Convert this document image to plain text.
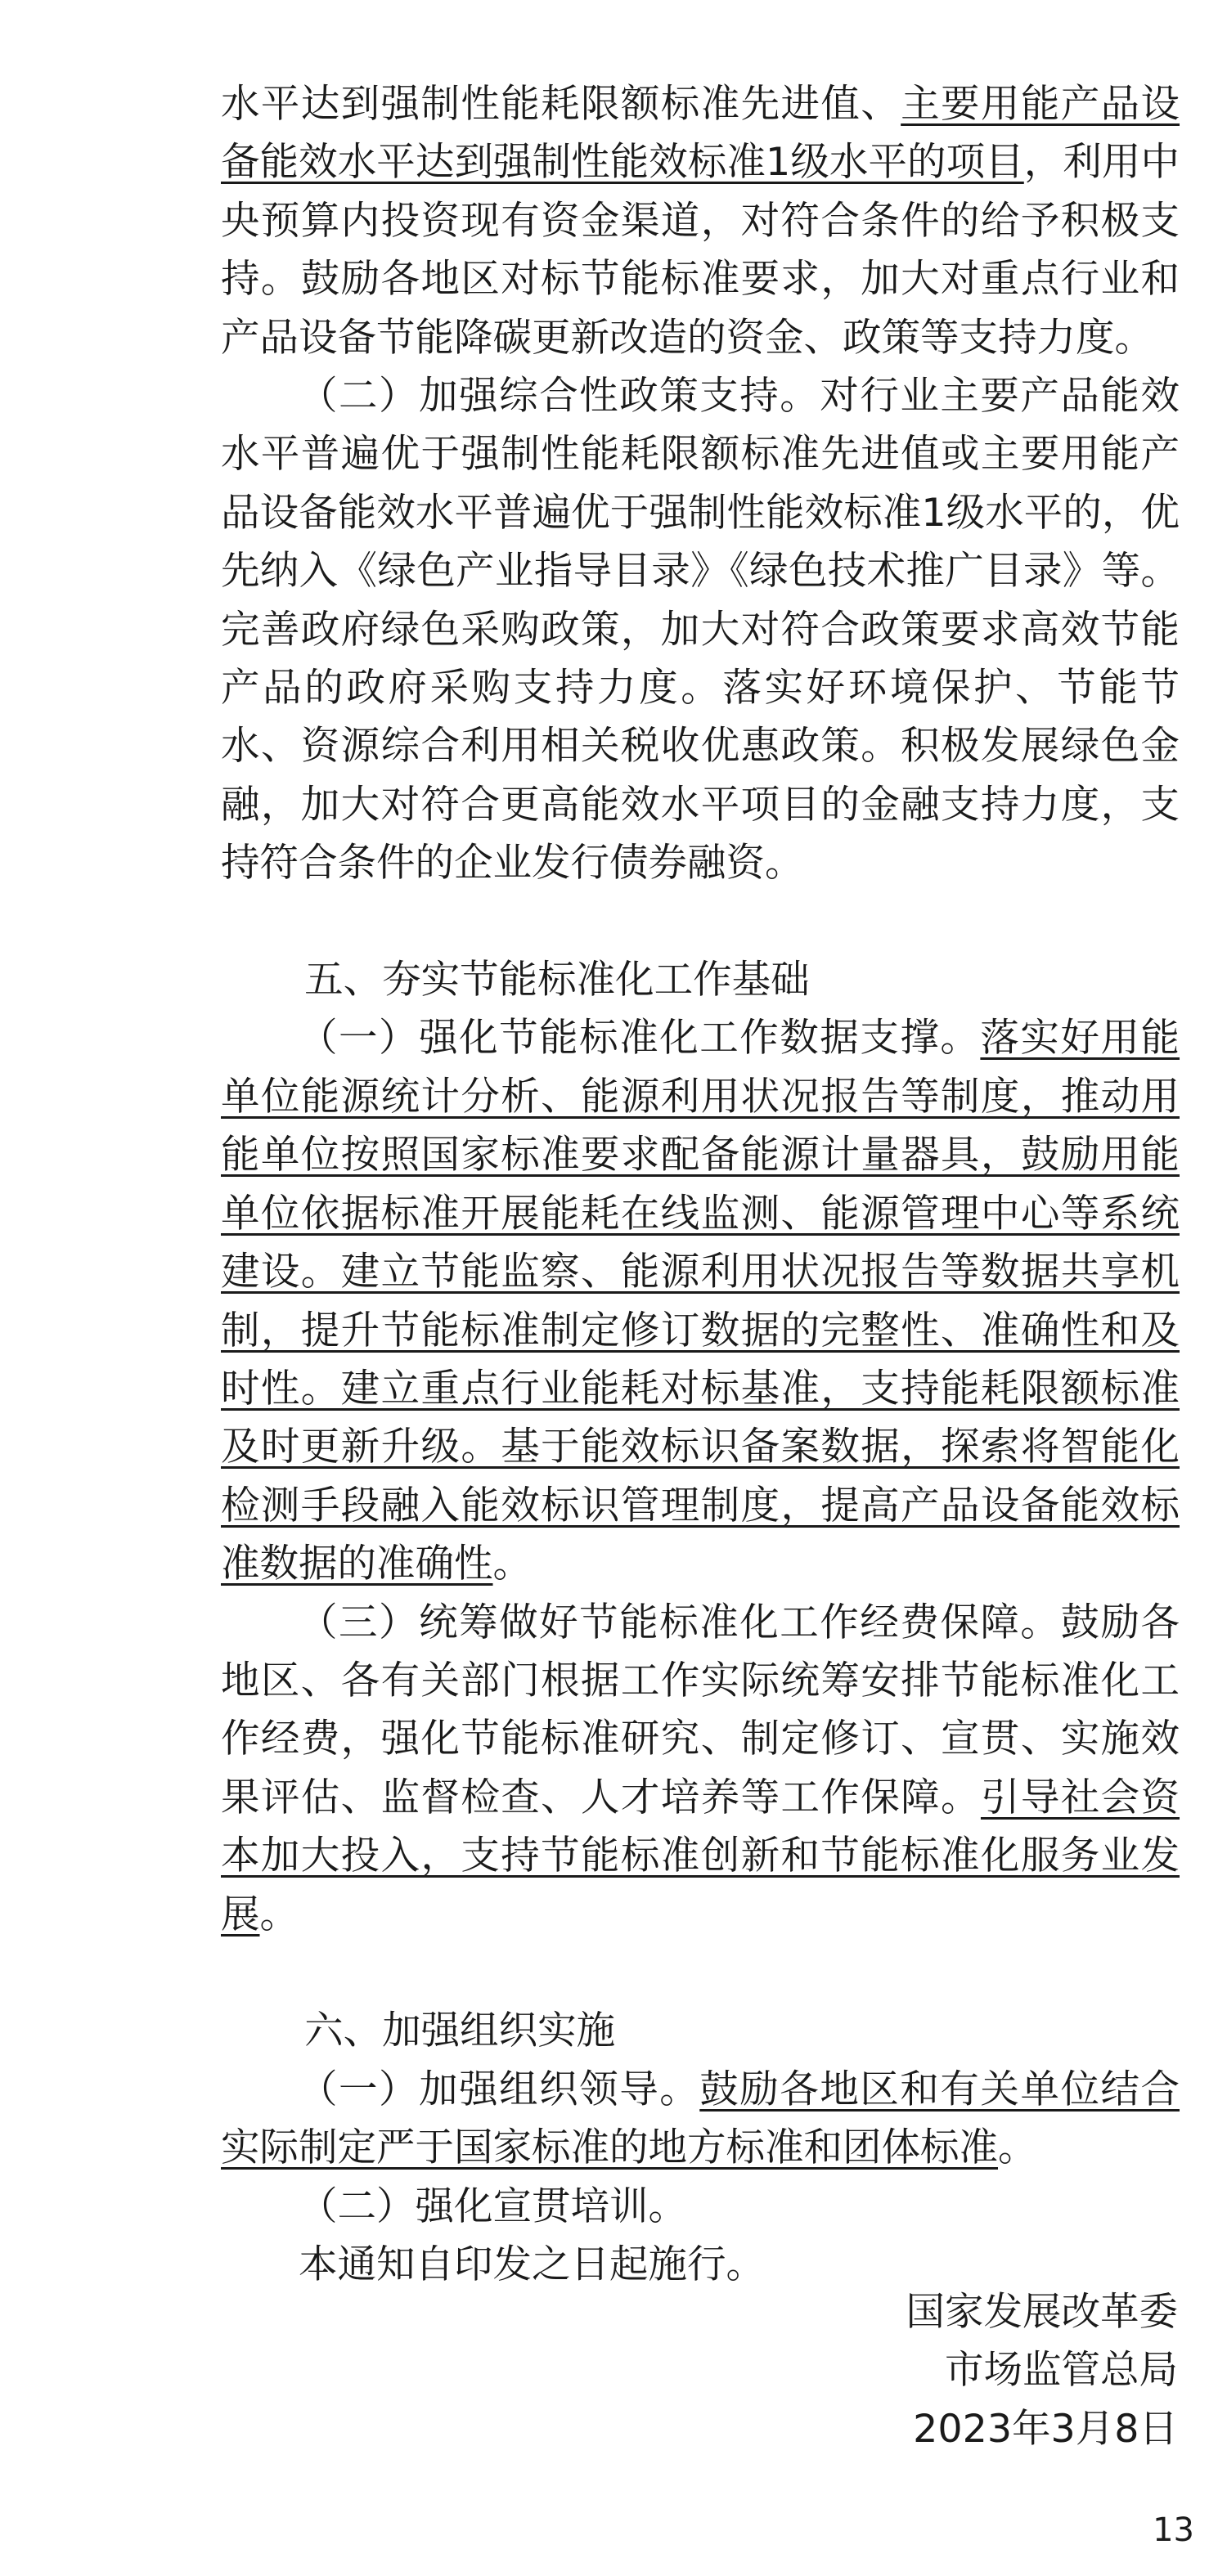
水平达到强制性能耗限额标准先进值、主要用能产品设备能效水平达到强制性能效标准1级水平的项目，利用中央预算内投资现有资金渠道，对符合条件的给予积极支持。鼓励各地区对标节能标准要求，加大对重点行业和产品设备节能降碳更新改造的资金、政策等支持力度。

（二）加强综合性政策支持。对行业主要产品能效水平普遍优于强制性能耗限额标准先进值或主要用能产品设备能效水平普遍优于强制性能效标准1级水平的，优先纳入《绿色产业指导目录》《绿色技术推广目录》等。完善政府绿色采购政策，加大对符合政策要求高效节能产品的政府采购支持力度。落实好环境保护、节能节水、资源综合利用相关税收优惠政策。积极发展绿色金融，加大对符合更高能效水平项目的金融支持力度，支持符合条件的企业发行债券融资。

五、夯实节能标准化工作基础

（一）强化节能标准化工作数据支撑。落实好用能单位能源统计分析、能源利用状况报告等制度，推动用能单位按照国家标准要求配备能源计量器具，鼓励用能单位依据标准开展能耗在线监测、能源管理中心等系统建设。建立节能监察、能源利用状况报告等数据共享机制，提升节能标准制定修订数据的完整性、准确性和及时性。建立重点行业能耗对标基准，支持能耗限额标准及时更新升级。基于能效标识备案数据，探索将智能化检测手段融入能效标识管理制度，提高产品设备能效标准数据的准确性。

（三）统筹做好节能标准化工作经费保障。鼓励各地区、各有关部门根据工作实际统筹安排节能标准化工作经费，强化节能标准研究、制定修订、宣贯、实施效果评估、监督检查、人才培养等工作保障。引导社会资本加大投入，支持节能标准创新和节能标准化服务业发展。

六、加强组织实施

（一）加强组织领导。鼓励各地区和有关单位结合实际制定严于国家标准的地方标准和团体标准。

（二）强化宣贯培训。

本通知自印发之日起施行。

国家发展改革委
市场监管总局
2023年3月8日
13
